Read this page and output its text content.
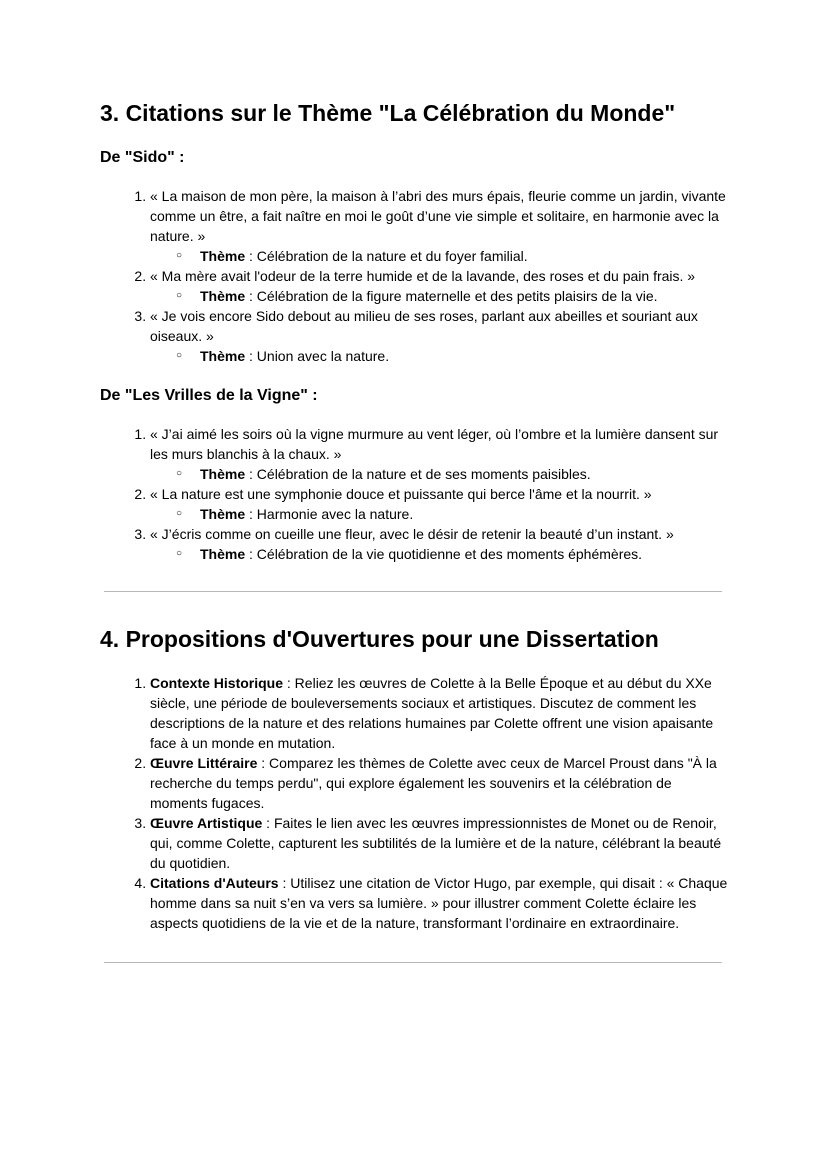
3. Citations sur le Thème "La Célébration du Monde"
De "Sido" :
1. « La maison de mon père, la maison à l’abri des murs épais, fleurie comme un jardin, vivante comme un être, a fait naître en moi le goût d’une vie simple et solitaire, en harmonie avec la nature. »
○ Thème : Célébration de la nature et du foyer familial.
2. « Ma mère avait l'odeur de la terre humide et de la lavande, des roses et du pain frais. »
○ Thème : Célébration de la figure maternelle et des petits plaisirs de la vie.
3. « Je vois encore Sido debout au milieu de ses roses, parlant aux abeilles et souriant aux oiseaux. »
○ Thème : Union avec la nature.
De "Les Vrilles de la Vigne" :
1. « J’ai aimé les soirs où la vigne murmure au vent léger, où l’ombre et la lumière dansent sur les murs blanchis à la chaux. »
○ Thème : Célébration de la nature et de ses moments paisibles.
2. « La nature est une symphonie douce et puissante qui berce l'âme et la nourrit. »
○ Thème : Harmonie avec la nature.
3. « J’écris comme on cueille une fleur, avec le désir de retenir la beauté d’un instant. »
○ Thème : Célébration de la vie quotidienne et des moments éphémères.
4. Propositions d'Ouvertures pour une Dissertation
1. Contexte Historique : Reliez les œuvres de Colette à la Belle Époque et au début du XXe siècle, une période de bouleversements sociaux et artistiques. Discutez de comment les descriptions de la nature et des relations humaines par Colette offrent une vision apaisante face à un monde en mutation.
2. Œuvre Littéraire : Comparez les thèmes de Colette avec ceux de Marcel Proust dans "À la recherche du temps perdu", qui explore également les souvenirs et la célébration de moments fugaces.
3. Œuvre Artistique : Faites le lien avec les œuvres impressionnistes de Monet ou de Renoir, qui, comme Colette, capturent les subtilités de la lumière et de la nature, célébrant la beauté du quotidien.
4. Citations d'Auteurs : Utilisez une citation de Victor Hugo, par exemple, qui disait : « Chaque homme dans sa nuit s’en va vers sa lumière. » pour illustrer comment Colette éclaire les aspects quotidiens de la vie et de la nature, transformant l’ordinaire en extraordinaire.
